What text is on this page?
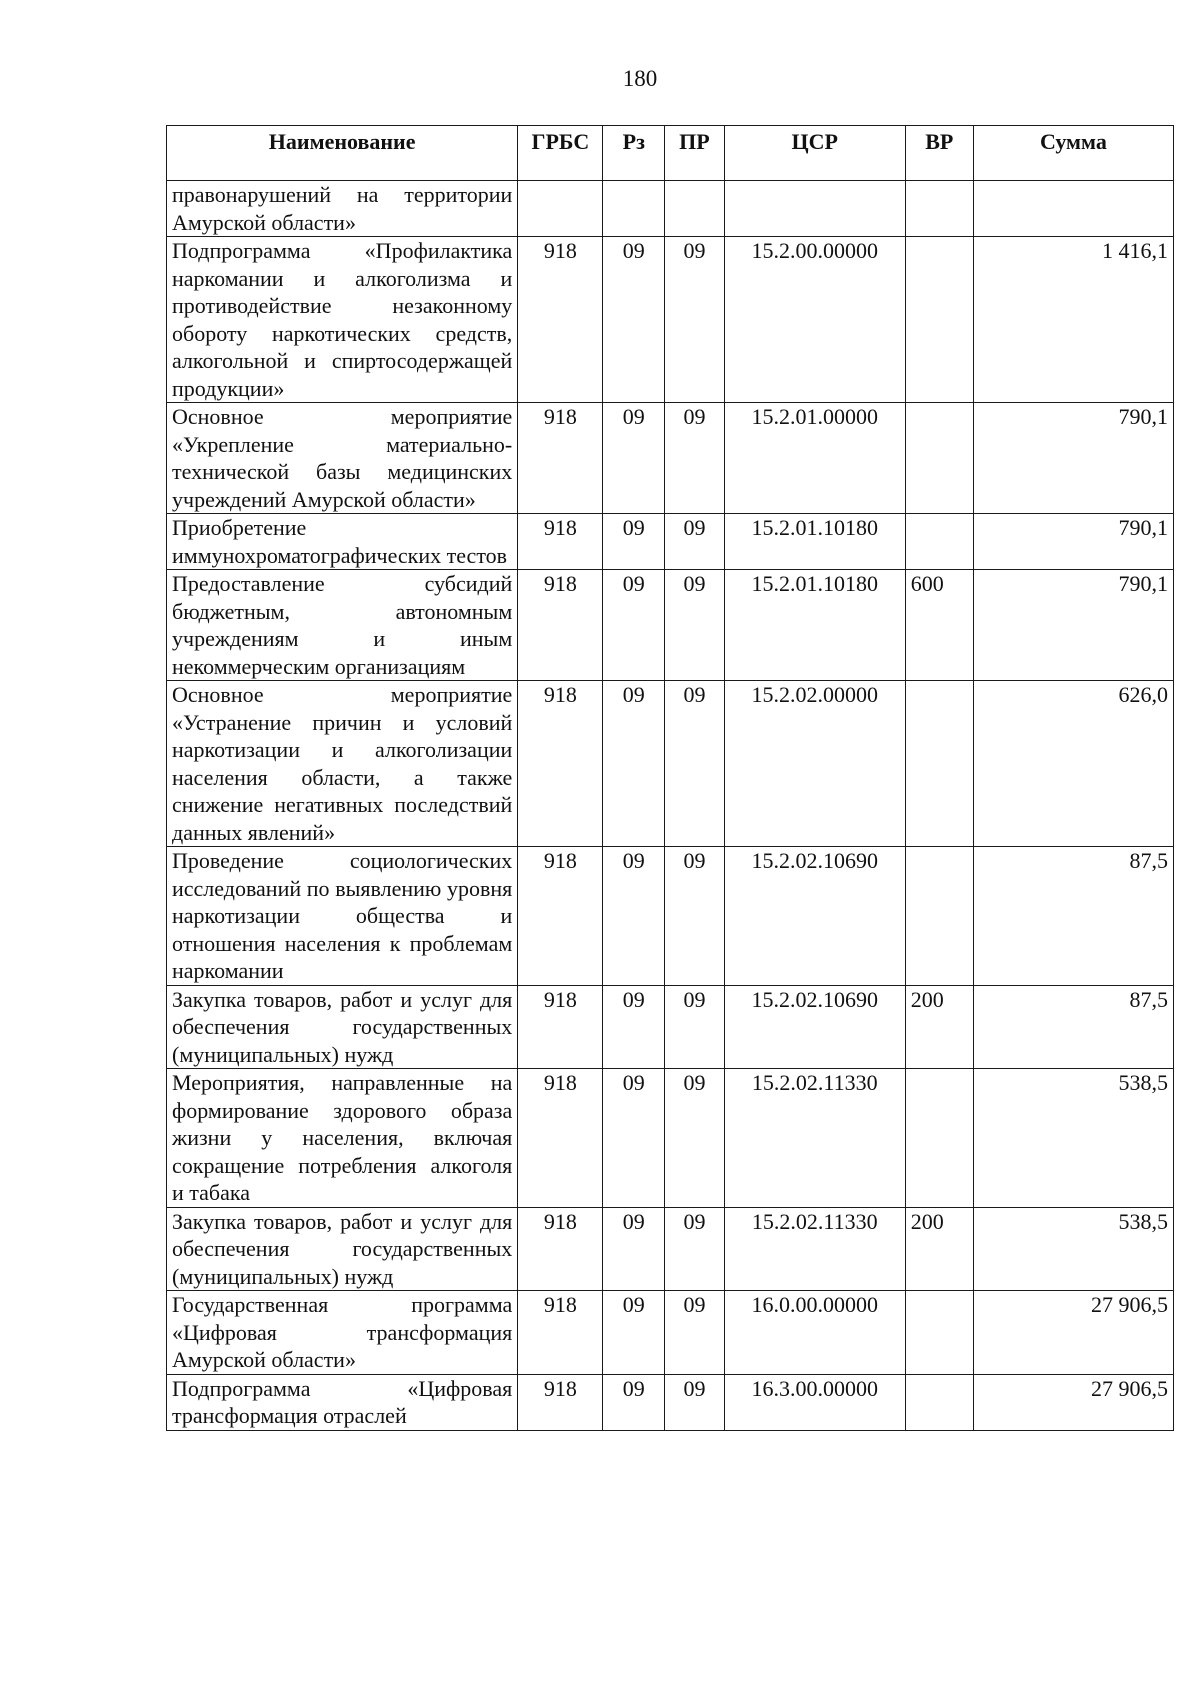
180
Наименование	ГРБС	Рз	ПР	ЦСР	ВР	Сумма
правонарушений на территории Амурской области»						
Подпрограмма «Профилактика наркомании и алкоголизма и противодействие незаконному обороту наркотических средств, алкогольной и спиртосодержащей продукции»	918	09	09	15.2.00.00000		1 416,1
Основное мероприятие «Укрепление материально-технической базы медицинских учреждений Амурской области»	918	09	09	15.2.01.00000		790,1
Приобретение иммунохроматографических тестов	918	09	09	15.2.01.10180		790,1
Предоставление субсидий бюджетным, автономным учреждениям и иным некоммерческим организациям	918	09	09	15.2.01.10180	600	790,1
Основное мероприятие «Устранение причин и условий наркотизации и алкоголизации населения области, а также снижение негативных последствий данных явлений»	918	09	09	15.2.02.00000		626,0
Проведение социологических исследований по выявлению уровня наркотизации общества и отношения населения к проблемам наркомании	918	09	09	15.2.02.10690		87,5
Закупка товаров, работ и услуг для обеспечения государственных (муниципальных) нужд	918	09	09	15.2.02.10690	200	87,5
Мероприятия, направленные на формирование здорового образа жизни у населения, включая сокращение потребления алкоголя и табака	918	09	09	15.2.02.11330		538,5
Закупка товаров, работ и услуг для обеспечения государственных (муниципальных) нужд	918	09	09	15.2.02.11330	200	538,5
Государственная программа «Цифровая трансформация Амурской области»	918	09	09	16.0.00.00000		27 906,5
Подпрограмма «Цифровая трансформация отраслей	918	09	09	16.3.00.00000		27 906,5
